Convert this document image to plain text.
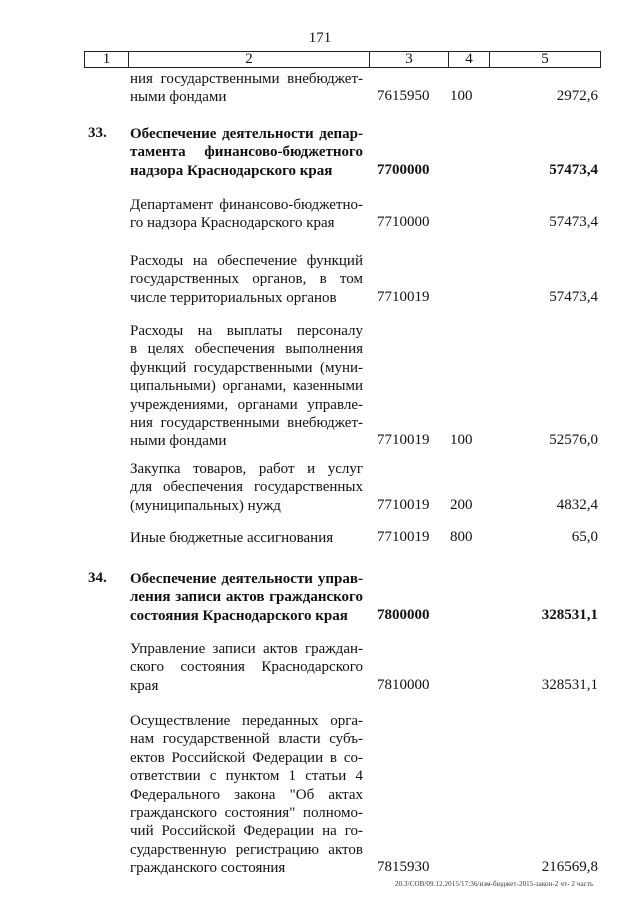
171
1	2	3	4	5
ния государственными внебюджет-
ными фондами	7615950 100	2972,6
33. Обеспечение деятельности депар-
тамента финансово-бюджетного
надзора Краснодарского края	7700000	57473,4
Департамент финансово-бюджетно-
го надзора Краснодарского края	7710000	57473,4
Расходы на обеспечение функций
государственных органов, в том
числе территориальных органов	7710019	57473,4
Расходы на выплаты персоналу
в целях обеспечения выполнения
функций государственными (муни-
ципальными) органами, казенными
учреждениями, органами управле-
ния государственными внебюджет-
ными фондами	7710019 100	52576,0
Закупка товаров, работ и услуг
для обеспечения государственных
(муниципальных) нужд	7710019 200	4832,4
Иные бюджетные ассигнования	7710019 800	65,0
34. Обеспечение деятельности управ-
ления записи актов гражданского
состояния Краснодарского края	7800000	328531,1
Управление записи актов граждан-
ского состояния Краснодарского
края	7810000	328531,1
Осуществление переданных орга-
нам государственной власти субъ-
ектов Российской Федерации в со-
ответствии с пунктом 1 статьи 4
Федерального закона "Об актах
гражданского состояния" полномо-
чий Российской Федерации на го-
сударственную регистрацию актов
гражданского состояния	7815930	216569,8
20.3/СОВ/09.12.2015/17:36/изм-бюджет-2015-закон-2 чт- 2 часть
